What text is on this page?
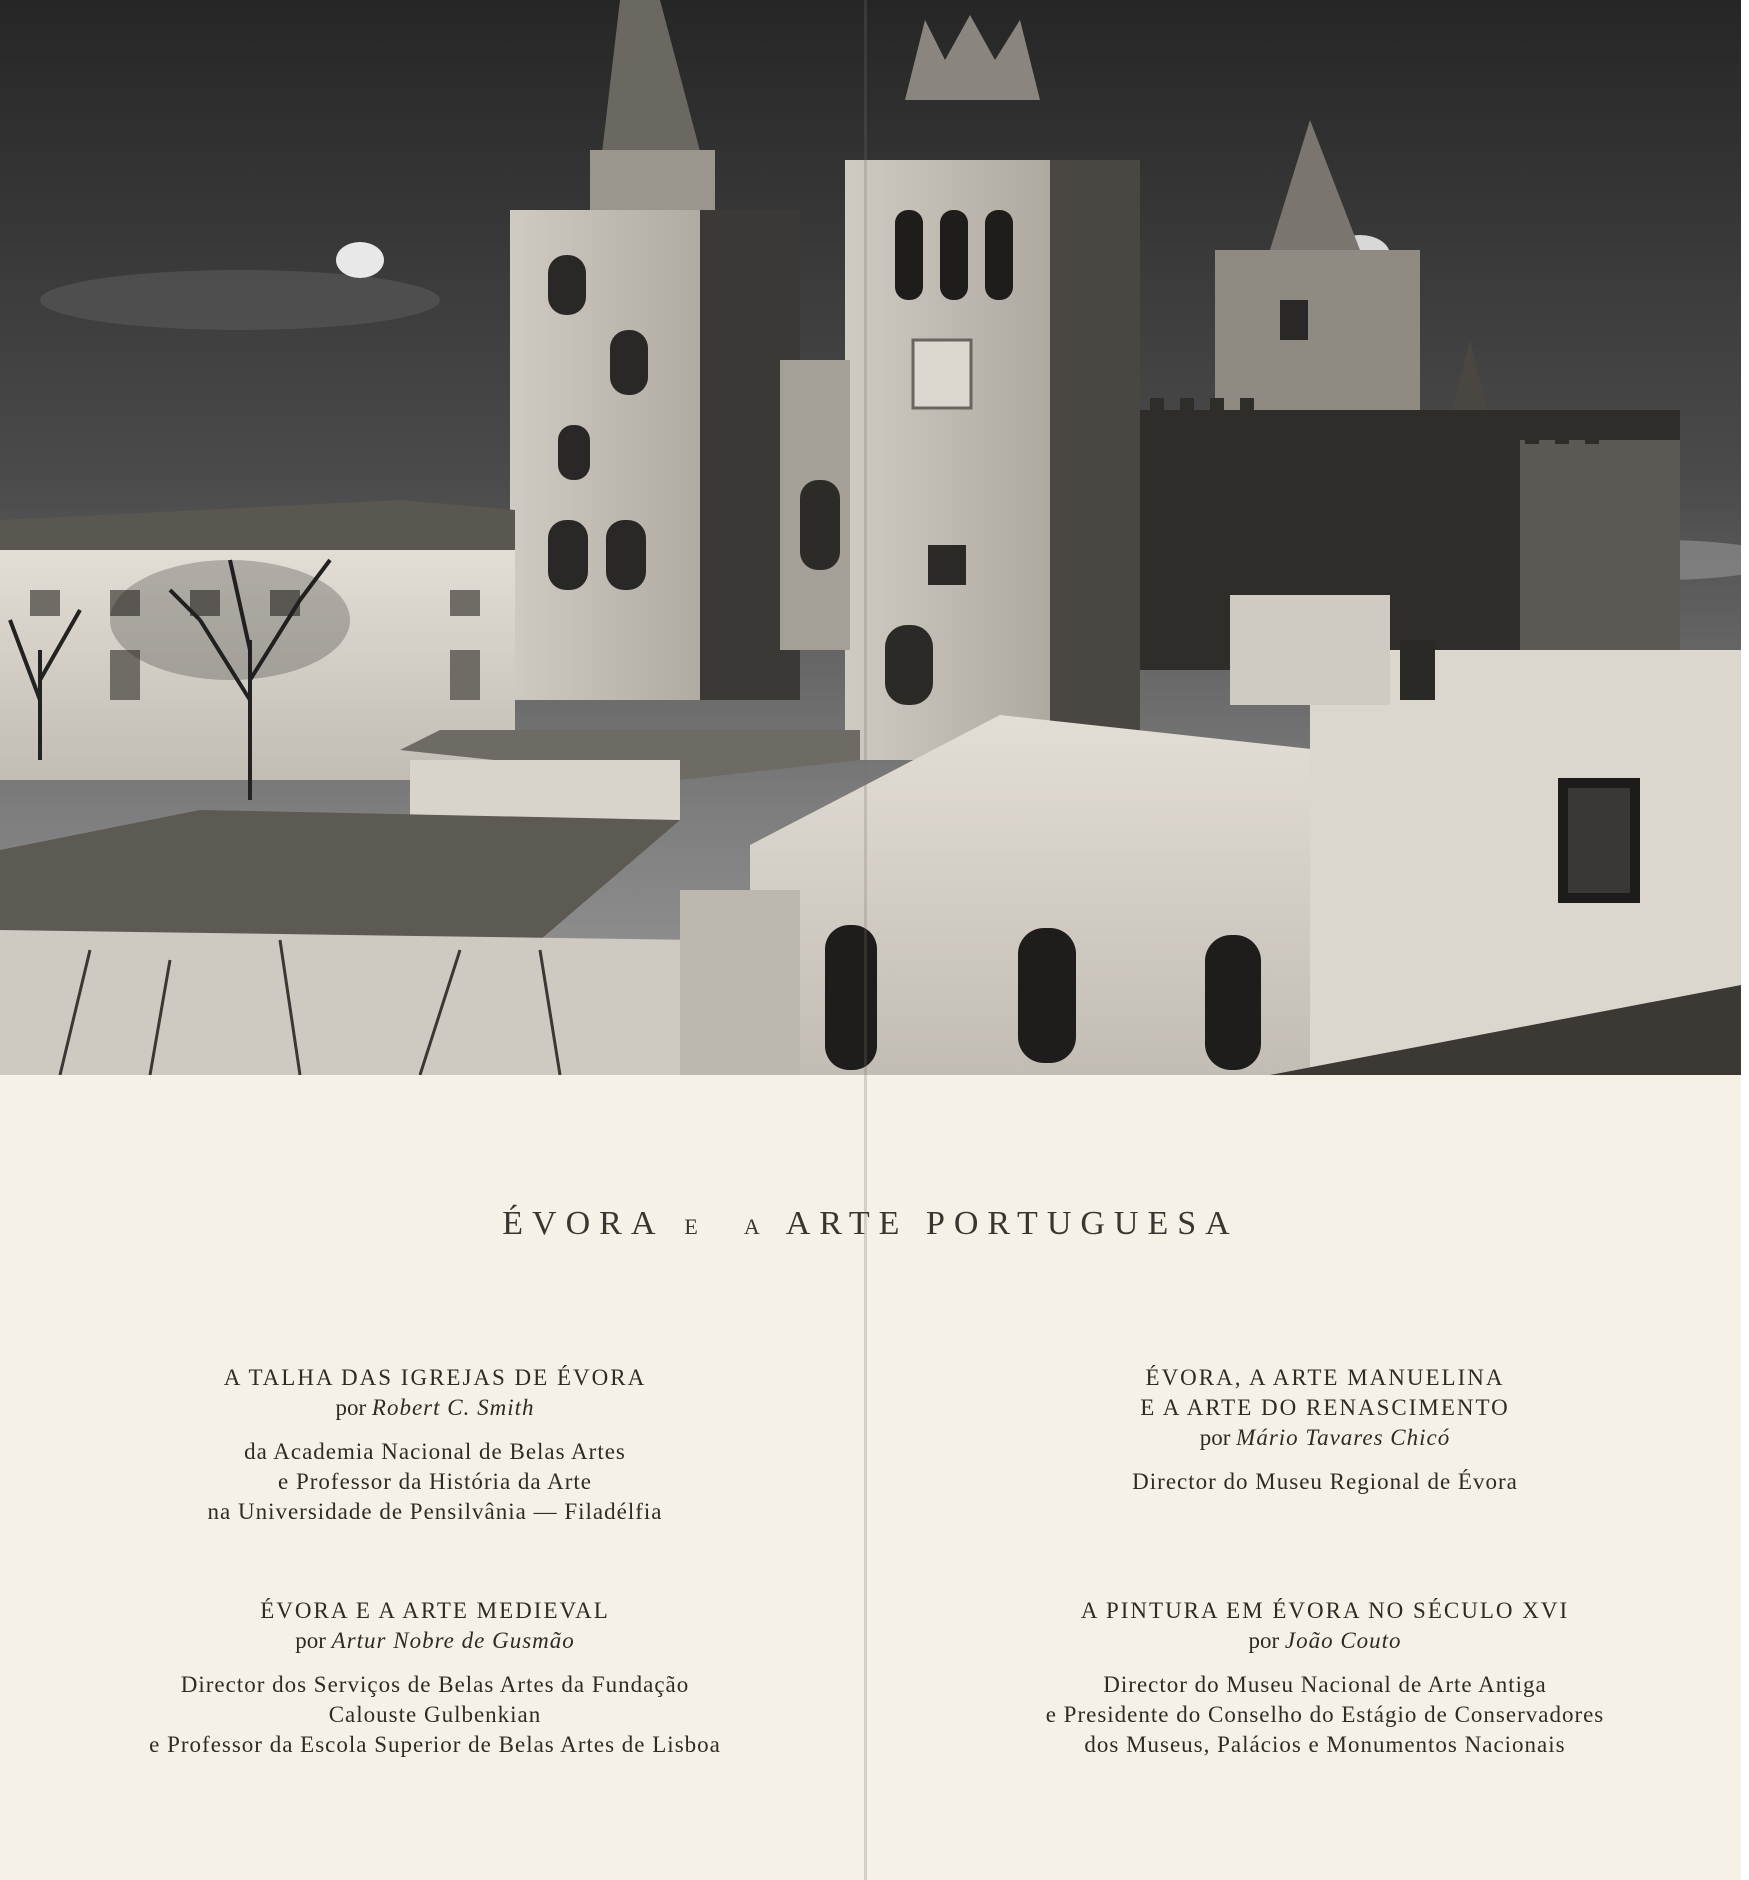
ÉVORA E A ARTE PORTUGUESA
A TALHA DAS IGREJAS DE ÉVORA
por Robert C. Smith
da Academia Nacional de Belas Artes
e Professor da História da Arte
na Universidade de Pensilvânia — Filadélfia
ÉVORA, A ARTE MANUELINA
E A ARTE DO RENASCIMENTO
por Mário Tavares Chicó
Director do Museu Regional de Évora
ÉVORA E A ARTE MEDIEVAL
por Artur Nobre de Gusmão
Director dos Serviços de Belas Artes da Fundação
Calouste Gulbenkian
e Professor da Escola Superior de Belas Artes de Lisboa
A PINTURA EM ÉVORA NO SÉCULO XVI
por João Couto
Director do Museu Nacional de Arte Antiga
e Presidente do Conselho do Estágio de Conservadores
dos Museus, Palácios e Monumentos Nacionais
